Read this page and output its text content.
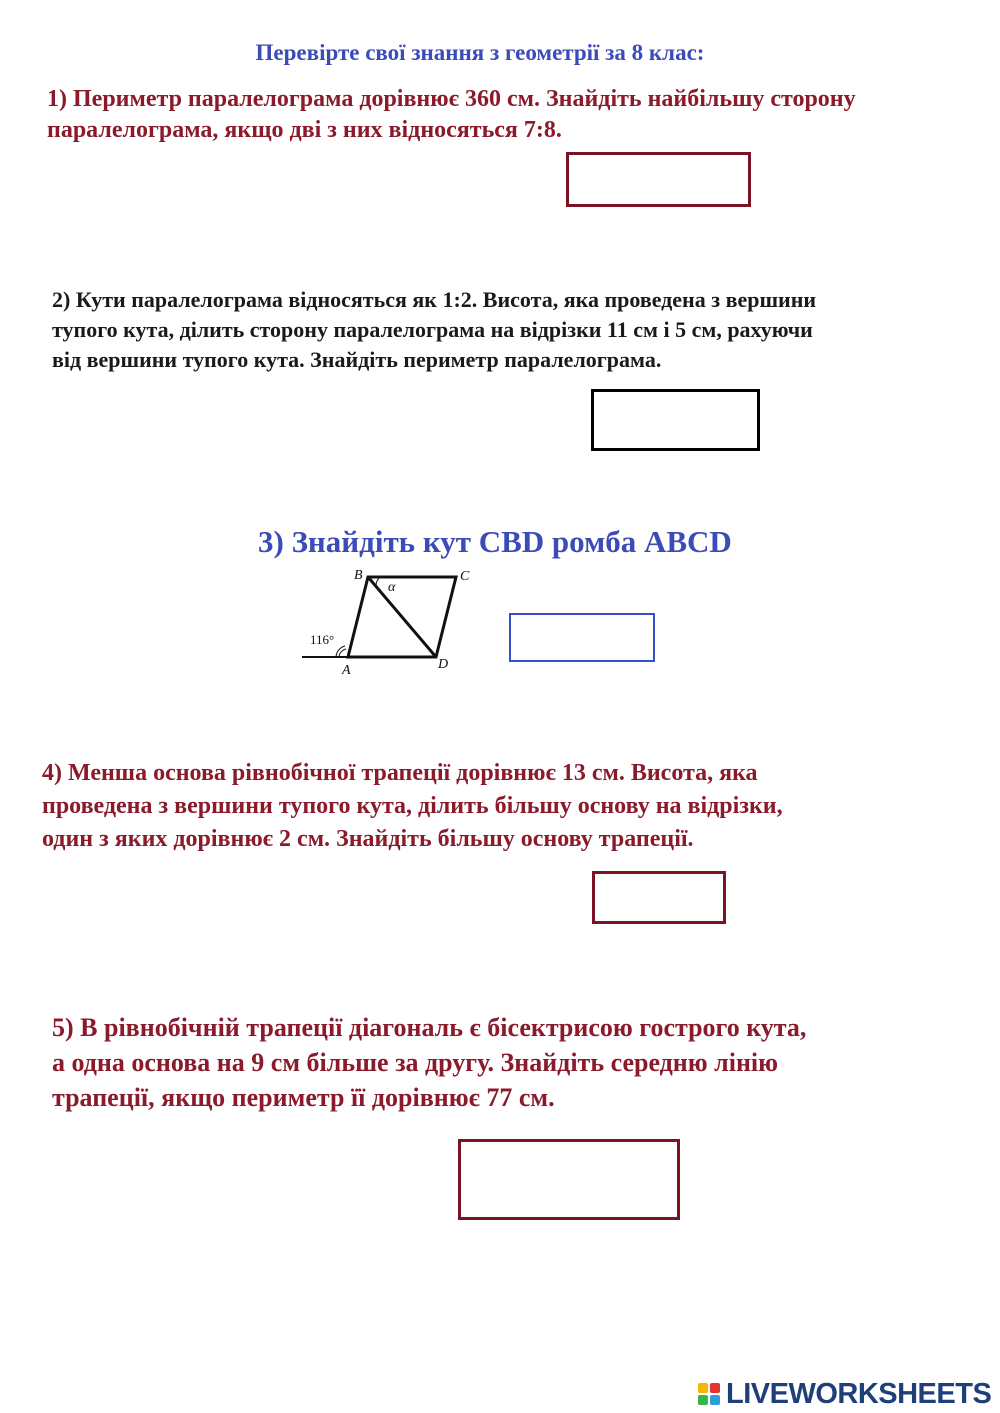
Перевірте свої знання з геометрії за 8 клас:

1) Периметр паралелограма дорівнює 360 см. Знайдіть найбільшу сторону
паралелограма, якщо дві з них відносяться 7:8.

2) Кути паралелограма відносяться як 1:2. Висота, яка проведена з вершини
тупого кута, ділить сторону паралелограма на відрізки 11 см і 5 см, рахуючи
від вершини тупого кута. Знайдіть периметр паралелограма.

3) Знайдіть кут CBD ромба ABCD

B	C
A	D
α
116°

4) Менша основа рівнобічної трапеції дорівнює 13 см. Висота, яка
проведена з вершини тупого кута, ділить більшу основу на відрізки,
один з яких дорівнює 2 см. Знайдіть більшу основу трапеції.

5) В рівнобічній трапеції діагональ є бісектрисою гострого кута,
а одна основа на 9 см більше за другу. Знайдіть середню лінію
трапеції, якщо периметр її дорівнює 77 см.

LIVEWORKSHEETS
